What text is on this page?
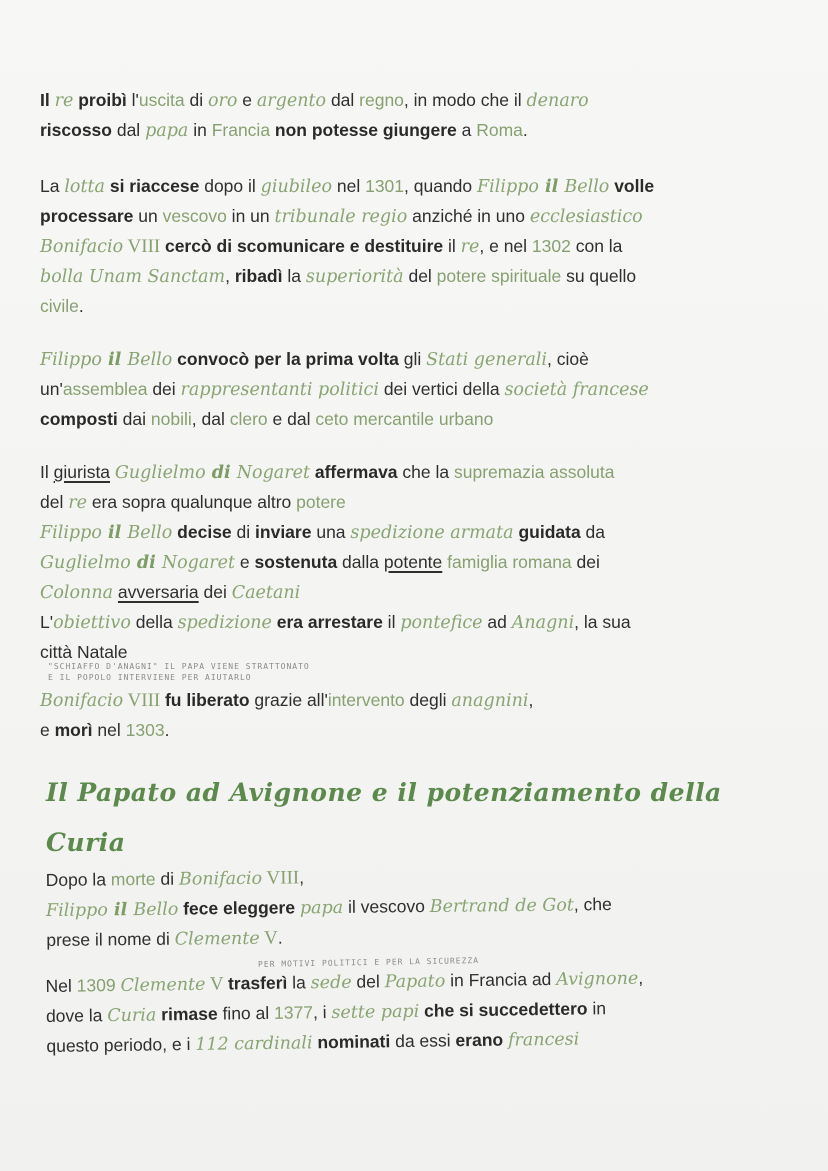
Il re proibì l'uscita di oro e argento dal regno, in modo che il denaro
riscosso dal papa in Francia non potesse giungere a Roma.
La lotta si riaccese dopo il giubileo nel 1301, quando Filippo il Bello volle
processare un vescovo in un tribunale regio anziché in uno ecclesiastico
Bonifacio VIII cercò di scomunicare e destituire il re, e nel 1302 con la
bolla Unam Sanctam, ribadì la superiorità del potere spirituale su quello
civile.
Filippo il Bello convocò per la prima volta gli Stati generali, cioè
un'assemblea dei rappresentanti politici dei vertici della società francese
composti dai nobili, dal clero e dal ceto mercantile urbano
Il giurista Guglielmo di Nogaret affermava che la supremazia assoluta
del re era sopra qualunque altro potere
Filippo il Bello decise di inviare una spedizione armata guidata da
Guglielmo di Nogaret e sostenuta dalla potente famiglia romana dei
Colonna avversaria dei Caetani
L'obiettivo della spedizione era arrestare il pontefice ad Anagni, la sua
città Natale
"SCHIAFFO D'ANAGNI" IL PAPA VIENE STRATTONATO
E IL POPOLO INTERVIENE PER AIUTARLO
Bonifacio VIII fu liberato grazie all'intervento degli anagnini,
e morì nel 1303.
Il Papato ad Avignone e il potenziamento della
Curia
Dopo la morte di Bonifacio VIII,
Filippo il Bello fece eleggere papa il vescovo Bertrand de Got, che
prese il nome di Clemente V.
PER MOTIVI POLITICI E PER LA SICUREZZA
Nel 1309 Clemente V trasferì la sede del Papato in Francia ad Avignone,
dove la Curia rimase fino al 1377, i sette papi che si succedettero in
questo periodo, e i 112 cardinali nominati da essi erano francesi
